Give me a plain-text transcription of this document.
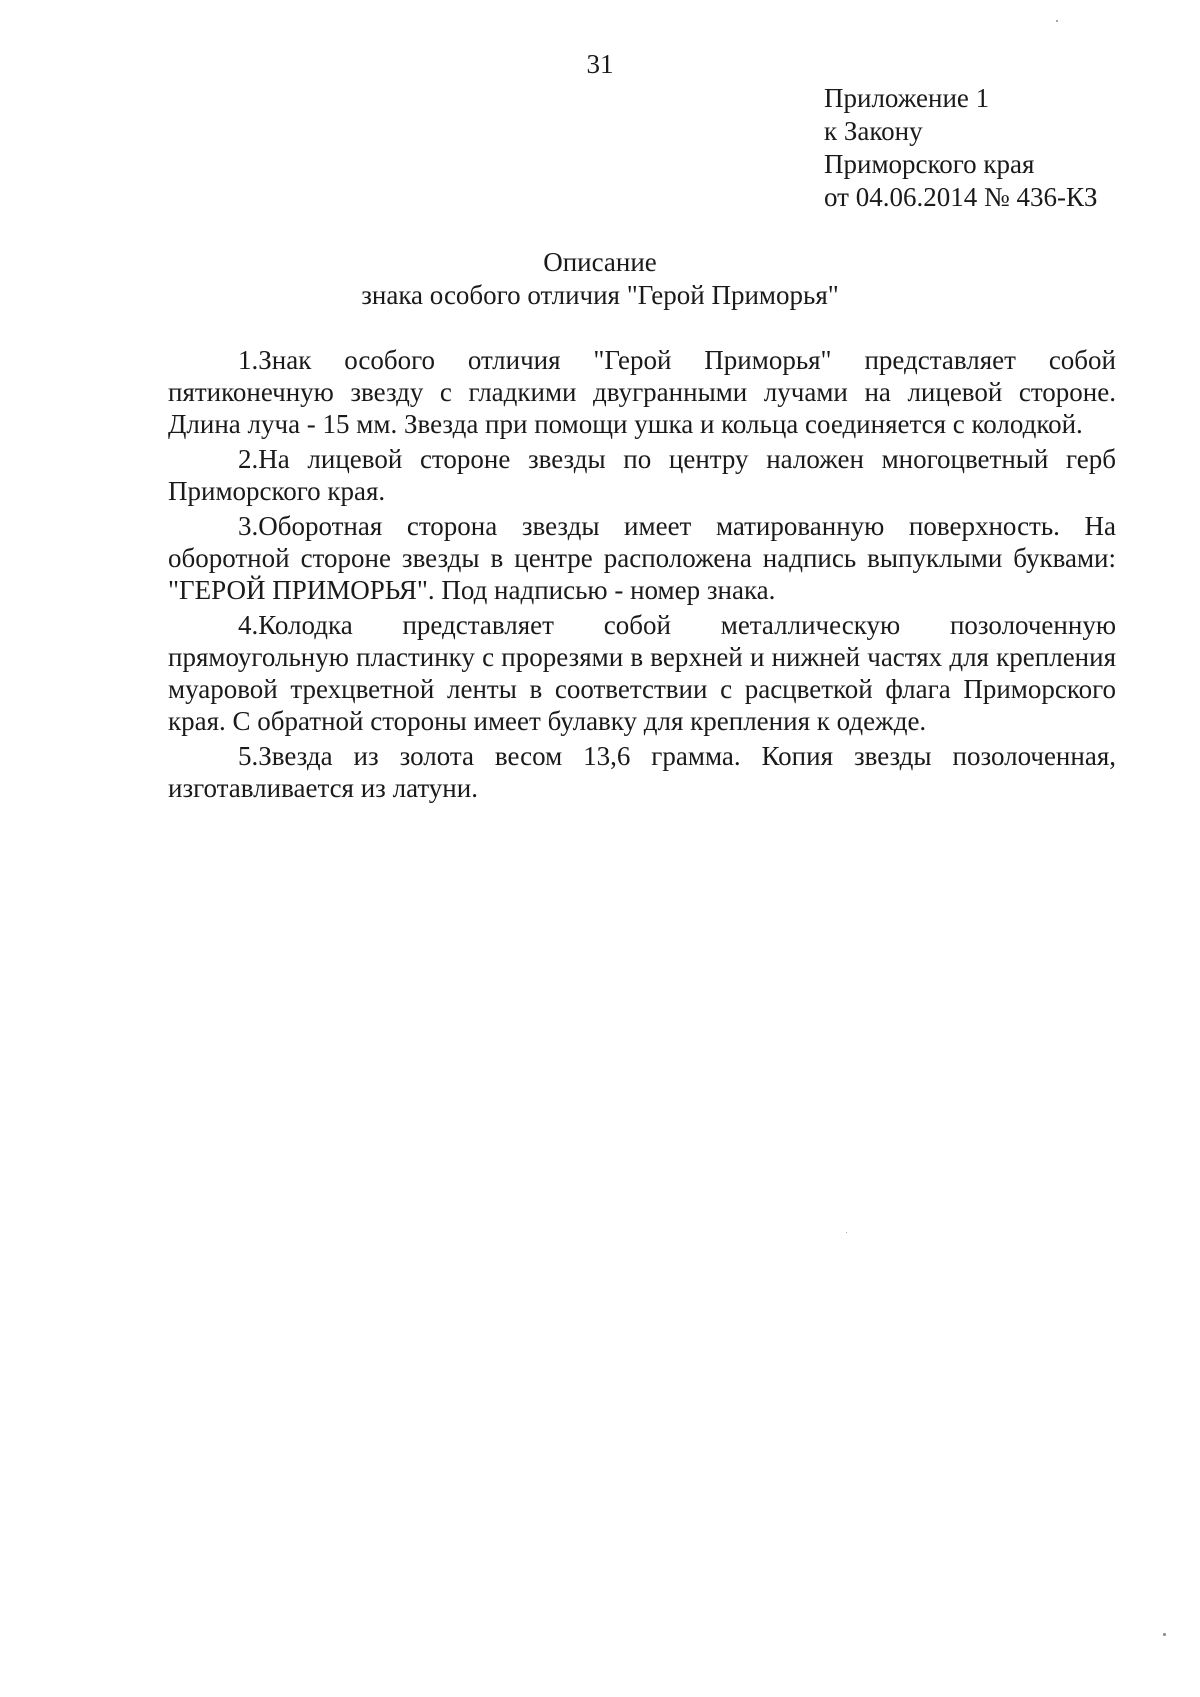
31
Приложение 1
к Закону
Приморского края
от 04.06.2014 № 436-КЗ
Описание
знака особого отличия "Герой Приморья"

1.Знак особого отличия "Герой Приморья" представляет собой пятиконечную звезду с гладкими двугранными лучами на лицевой стороне. Длина луча - 15 мм. Звезда при помощи ушка и кольца соединяется с колодкой.

2.На лицевой стороне звезды по центру наложен многоцветный герб Приморского края.

3.Оборотная сторона звезды имеет матированную поверхность. На оборотной стороне звезды в центре расположена надпись выпуклыми буквами: "ГЕРОЙ ПРИМОРЬЯ". Под надписью - номер знака.

4.Колодка представляет собой металлическую позолоченную прямоугольную пластинку с прорезями в верхней и нижней частях для крепления муаровой трехцветной ленты в соответствии с расцветкой флага Приморского края. С обратной стороны имеет булавку для крепления к одежде.

5.Звезда из золота весом 13,6 грамма. Копия звезды позолоченная, изготавливается из латуни.
